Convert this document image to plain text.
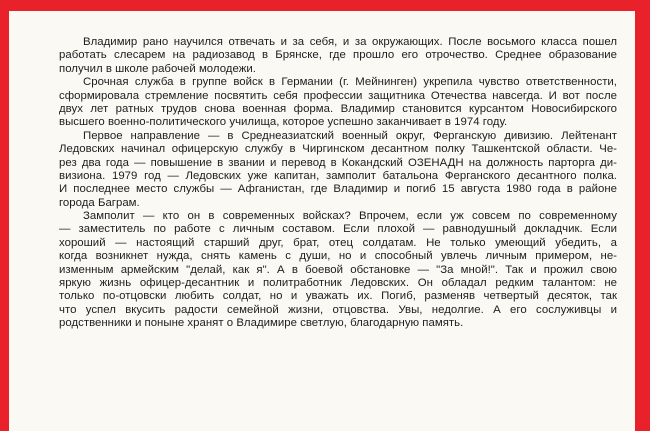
Владимир рано научился отвечать и за себя, и за окружающих. После восьмого класса пошел
работать слесарем на радиозавод в Брянске, где прошло его отрочество. Среднее образование
получил в школе рабочей молодежи.
Срочная служба в группе войск в Германии (г. Мейнинген) укрепила чувство ответственности,
сформировала стремление посвятить себя профессии защитника Отечества навсегда. И вот после
двух лет ратных трудов снова военная форма. Владимир становится курсантом Новосибирского
высшего военно-политического училища, которое успешно заканчивает в 1974 году.
Первое направление — в Среднеазиатский военный округ, Ферганскую дивизию. Лейтенант
Ледовских начинал офицерскую службу в Чиргинском десантном полку Ташкентской области. Че-
рез два года — повышение в звании и перевод в Кокандский ОЗЕНАДН на должность парторга ди-
визиона. 1979 год — Ледовских уже капитан, замполит батальона Ферганского десантного полка.
И последнее место службы — Афганистан, где Владимир и погиб 15 августа 1980 года в районе
города Баграм.
Замполит — кто он в современных войсках? Впрочем, если уж совсем по современному
— заместитель по работе с личным составом. Если плохой — равнодушный докладчик. Если
хороший — настоящий старший друг, брат, отец солдатам. Не только умеющий убедить, а
когда возникнет нужда, снять камень с души, но и способный увлечь личным примером, не-
изменным армейским "делай, как я". А в боевой обстановке — "За мной!". Так и прожил свою
яркую жизнь офицер-десантник и политработник Ледовских. Он обладал редким талантом: не
только по-отцовски любить солдат, но и уважать их. Погиб, разменяв четвертый десяток, так
что успел вкусить радости семейной жизни, отцовства. Увы, недолгие. А его сослуживцы и
родственники и поныне хранят о Владимире светлую, благодарную память.
